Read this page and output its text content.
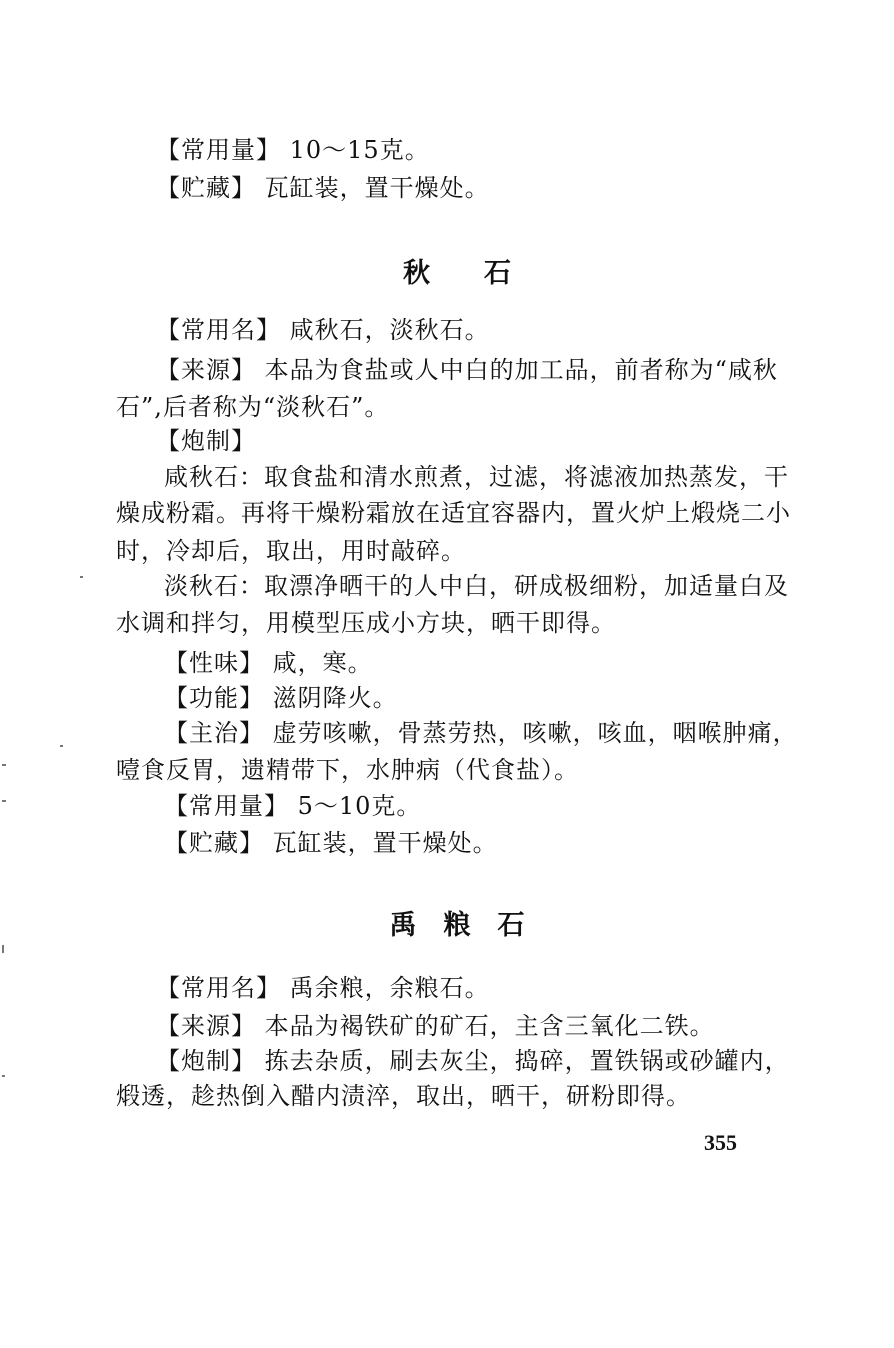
【常用量】 10～15克。
【贮藏】 瓦缸装，置干燥处。
秋　　石
【常用名】 咸秋石，淡秋石。
【来源】 本品为食盐或人中白的加工品，前者称为“咸秋
石”,后者称为“淡秋石”。
【炮制】
咸秋石：取食盐和清水煎煮，过滤，将滤液加热蒸发，干
燥成粉霜。再将干燥粉霜放在适宜容器内，置火炉上煅烧二小
时，冷却后，取出，用时敲碎。
淡秋石：取漂净晒干的人中白，研成极细粉，加适量白及
水调和拌匀，用模型压成小方块，晒干即得。
【性味】 咸，寒。
【功能】 滋阴降火。
【主治】 虚劳咳嗽，骨蒸劳热，咳嗽，咳血，咽喉肿痛，
噎食反胃，遗精带下，水肿病（代食盐）。
【常用量】 5～10克。
【贮藏】 瓦缸装，置干燥处。
禹　粮　石
【常用名】 禹余粮，余粮石。
【来源】 本品为褐铁矿的矿石，主含三氧化二铁。
【炮制】 拣去杂质，刷去灰尘，捣碎，置铁锅或砂罐内，
煅透，趁热倒入醋内渍淬，取出，晒干，研粉即得。
355
